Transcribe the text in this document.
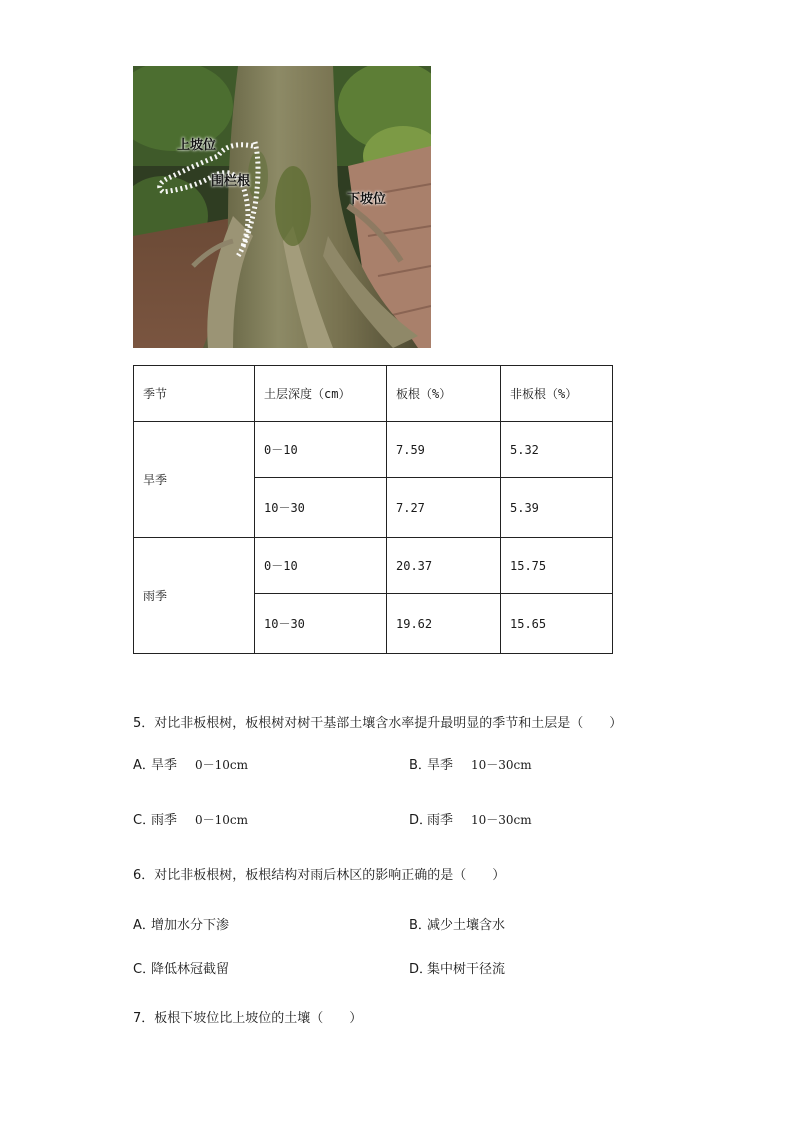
上坡位
围栏根
下坡位
季节	土层深度（cm）	板根（%）	非板根（%）
旱季	0－10	7.59	5.32
	10－30	7.27	5.39
雨季	0－10	20.37	15.75
	10－30	19.62	15.65
5．对比非板根树，板根树对树干基部土壤含水率提升最明显的季节和土层是（　　）
A．旱季 0－10cm	B．旱季 10－30cm
C．雨季 0－10cm	D．雨季 10－30cm
6．对比非板根树，板根结构对雨后林区的影响正确的是（　　）
A．增加水分下渗	B．减少土壤含水
C．降低林冠截留	D．集中树干径流
7．板根下坡位比上坡位的土壤（　　）
